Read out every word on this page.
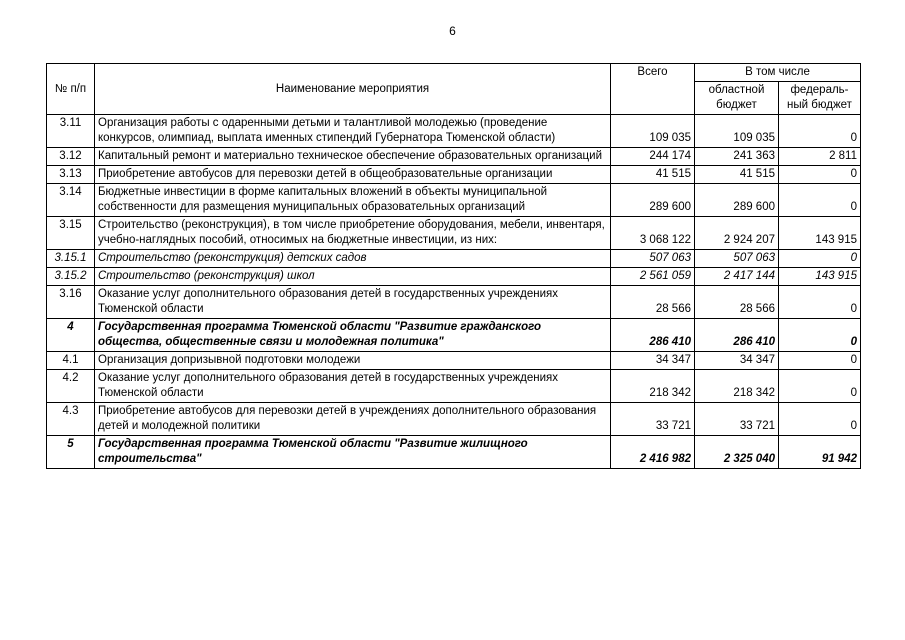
6
№ п/п	Наименование мероприятия	Всего	В том числе	
			областной бюджет	федераль-ный бюджет
3.11	Организация работы с одаренными детьми и талантливой молодежью (проведение конкурсов, олимпиад, выплата именных стипендий Губернатора Тюменской области)	109 035	109 035	0
3.12	Капитальный ремонт и материально техническое обеспечение образовательных организаций	244 174	241 363	2 811
3.13	Приобретение автобусов для перевозки детей в общеобразовательные организации	41 515	41 515	0
3.14	Бюджетные инвестиции в форме капитальных вложений в объекты муниципальной собственности для размещения муниципальных образовательных организаций	289 600	289 600	0
3.15	Строительство (реконструкция), в том числе приобретение оборудования, мебели, инвентаря, учебно-наглядных пособий, относимых на бюджетные инвестиции, из них:	3 068 122	2 924 207	143 915
3.15.1	Строительство (реконструкция) детских садов	507 063	507 063	0
3.15.2	Строительство (реконструкция) школ	2 561 059	2 417 144	143 915
3.16	Оказание услуг дополнительного образования детей в государственных учреждениях Тюменской области	28 566	28 566	0
4	Государственная программа Тюменской области "Развитие гражданского общества, общественные связи и молодежная политика"	286 410	286 410	0
4.1	Организация допризывной подготовки молодежи	34 347	34 347	0
4.2	Оказание услуг дополнительного образования детей в государственных учреждениях Тюменской области	218 342	218 342	0
4.3	Приобретение автобусов для перевозки детей в учреждениях дополнительного образования детей и молодежной политики	33 721	33 721	0
5	Государственная программа Тюменской области "Развитие жилищного строительства"	2 416 982	2 325 040	91 942
